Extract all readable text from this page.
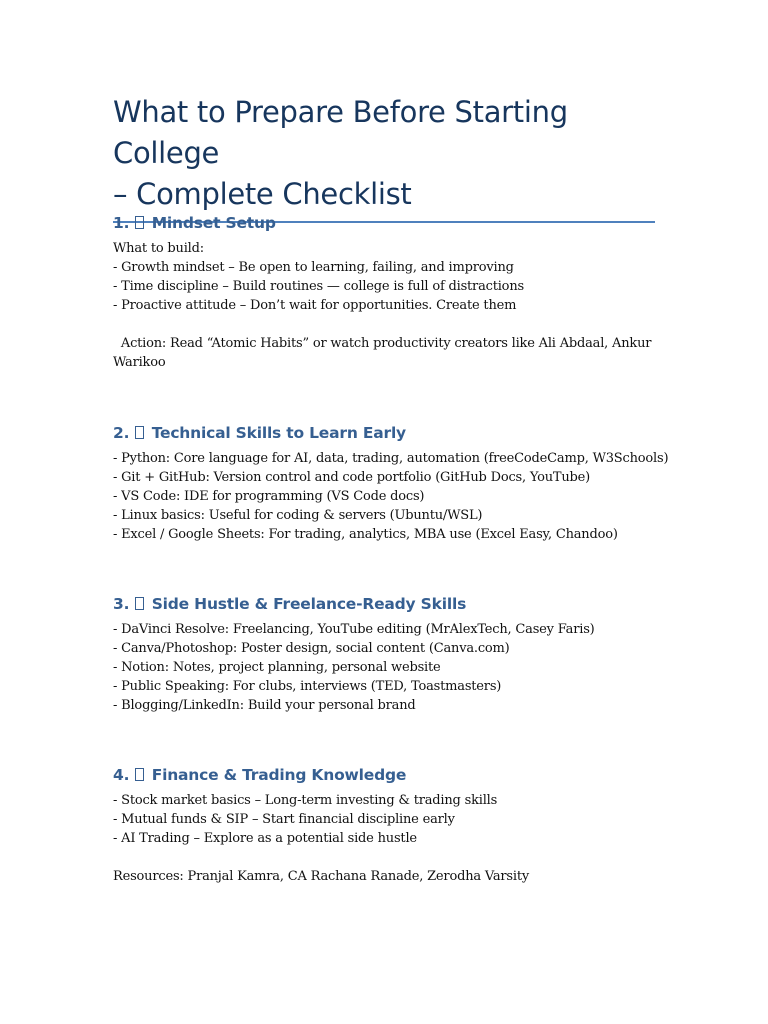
What to Prepare Before Starting College
– Complete Checklist
1. Mindset Setup
What to build:
- Growth mindset – Be open to learning, failing, and improving
- Time discipline – Build routines — college is full of distractions
- Proactive attitude – Don’t wait for opportunities. Create them
Action: Read “Atomic Habits” or watch productivity creators like Ali Abdaal, Ankur Warikoo
2. Technical Skills to Learn Early
- Python: Core language for AI, data, trading, automation (freeCodeCamp, W3Schools)
- Git + GitHub: Version control and code portfolio (GitHub Docs, YouTube)
- VS Code: IDE for programming (VS Code docs)
- Linux basics: Useful for coding & servers (Ubuntu/WSL)
- Excel / Google Sheets: For trading, analytics, MBA use (Excel Easy, Chandoo)
3. Side Hustle & Freelance-Ready Skills
- DaVinci Resolve: Freelancing, YouTube editing (MrAlexTech, Casey Faris)
- Canva/Photoshop: Poster design, social content (Canva.com)
- Notion: Notes, project planning, personal website
- Public Speaking: For clubs, interviews (TED, Toastmasters)
- Blogging/LinkedIn: Build your personal brand
4. Finance & Trading Knowledge
- Stock market basics – Long-term investing & trading skills
- Mutual funds & SIP – Start financial discipline early
- AI Trading – Explore as a potential side hustle
Resources: Pranjal Kamra, CA Rachana Ranade, Zerodha Varsity
